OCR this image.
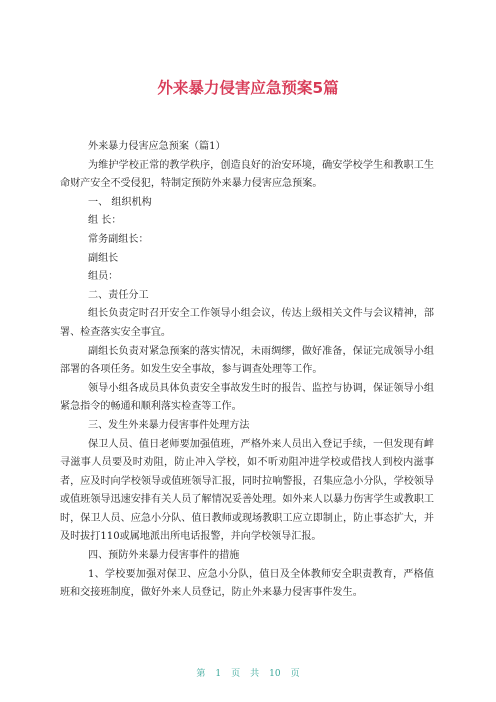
外来暴力侵害应急预案5篇

外来暴力侵害应急预案（篇1）

为维护学校正常的教学秩序，创造良好的治安环境，确安学校学生和教职工生命财产安全不受侵犯，特制定预防外来暴力侵害应急预案。

一、 组织机构

组 长：

常务副组长：

副组长

组员：

二、责任分工

组长负责定时召开安全工作领导小组会议，传达上级相关文件与会议精神，部署、检查落实安全事宜。

副组长负责对紧急预案的落实情况，未雨绸缪，做好准备，保证完成领导小组部署的各项任务。如发生安全事故，参与调查处理等工作。

领导小组各成员具体负责安全事故发生时的报告、监控与协调，保证领导小组紧急指令的畅通和顺利落实检查等工作。

三、发生外来暴力侵害事件处理方法

保卫人员、值日老师要加强值班，严格外来人员出入登记手续，一但发现有衅寻滋事人员要及时劝阻，防止冲入学校，如不听劝阻冲进学校或借找人到校内滋事者，应及时向学校领导或值班领导汇报，同时拉响警报，召集应急小分队，学校领导或值班领导迅速安排有关人员了解情况妥善处理。如外来人以暴力伤害学生或教职工时，保卫人员、应急小分队、值日教师或现场教职工应立即制止，防止事态扩大，并及时拔打110或属地派出所电话报警，并向学校领导汇报。

四、预防外来暴力侵害事件的措施

1、学校要加强对保卫、应急小分队，值日及全体教师安全职责教育，严格值班和交接班制度，做好外来人员登记，防止外来暴力侵害事件发生。

第 1 页 共 10 页
